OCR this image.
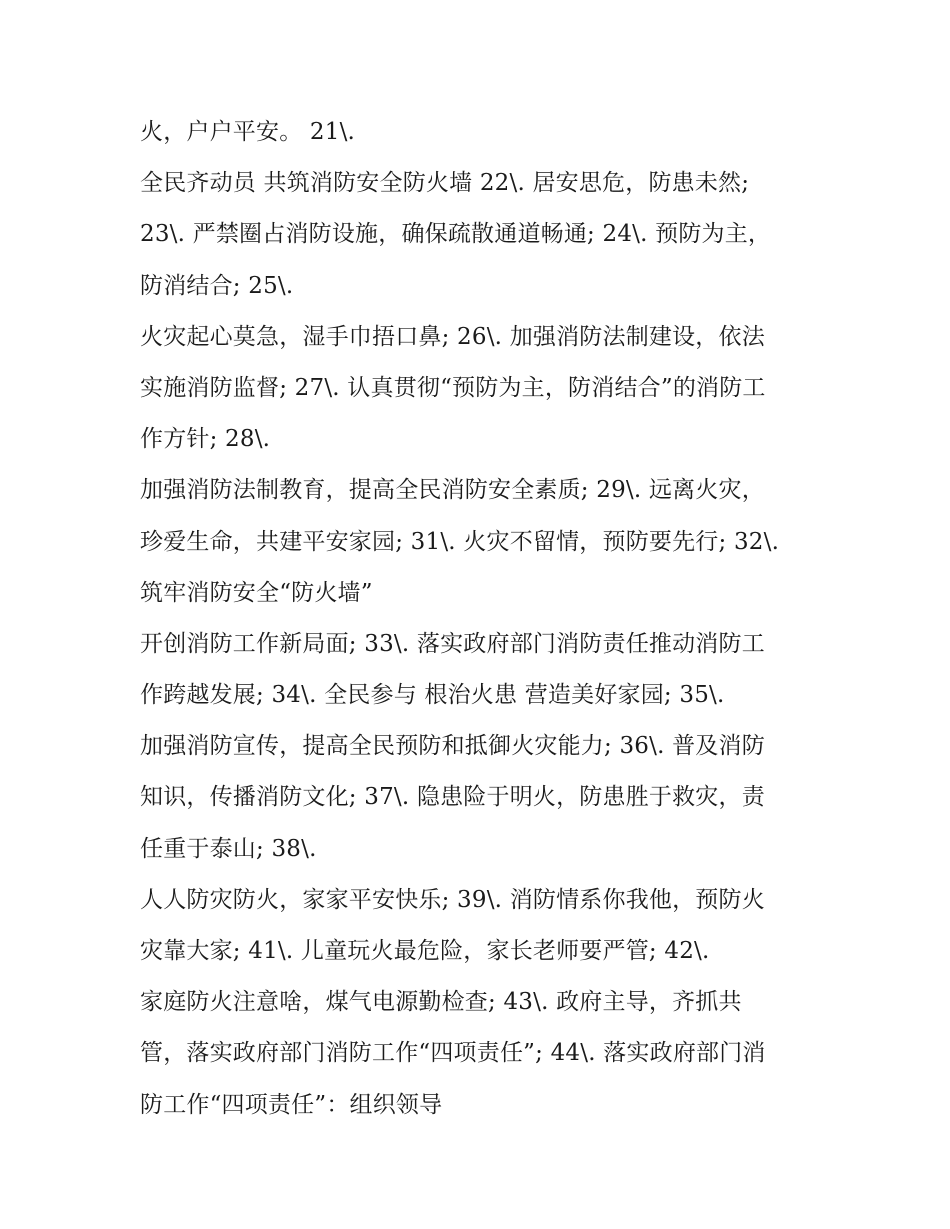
火，户户平安。 21\.
全民齐动员 共筑消防安全防火墙 22\. 居安思危，防患未然;
23\. 严禁圈占消防设施，确保疏散通道畅通; 24\. 预防为主，
防消结合; 25\.
火灾起心莫急，湿手巾捂口鼻; 26\. 加强消防法制建设，依法
实施消防监督; 27\. 认真贯彻“预防为主，防消结合”的消防工
作方针; 28\.
加强消防法制教育，提高全民消防安全素质; 29\. 远离火灾，
珍爱生命，共建平安家园; 31\. 火灾不留情，预防要先行; 32\.
筑牢消防安全“防火墙”
开创消防工作新局面; 33\. 落实政府部门消防责任推动消防工
作跨越发展; 34\. 全民参与 根治火患 营造美好家园; 35\.
加强消防宣传，提高全民预防和抵御火灾能力; 36\. 普及消防
知识，传播消防文化; 37\. 隐患险于明火，防患胜于救灾，责
任重于泰山; 38\.
人人防灾防火，家家平安快乐; 39\. 消防情系你我他，预防火
灾靠大家; 41\. 儿童玩火最危险，家长老师要严管; 42\.
家庭防火注意啥，煤气电源勤检查; 43\. 政府主导，齐抓共
管，落实政府部门消防工作“四项责任”; 44\. 落实政府部门消
防工作“四项责任”：组织领导
